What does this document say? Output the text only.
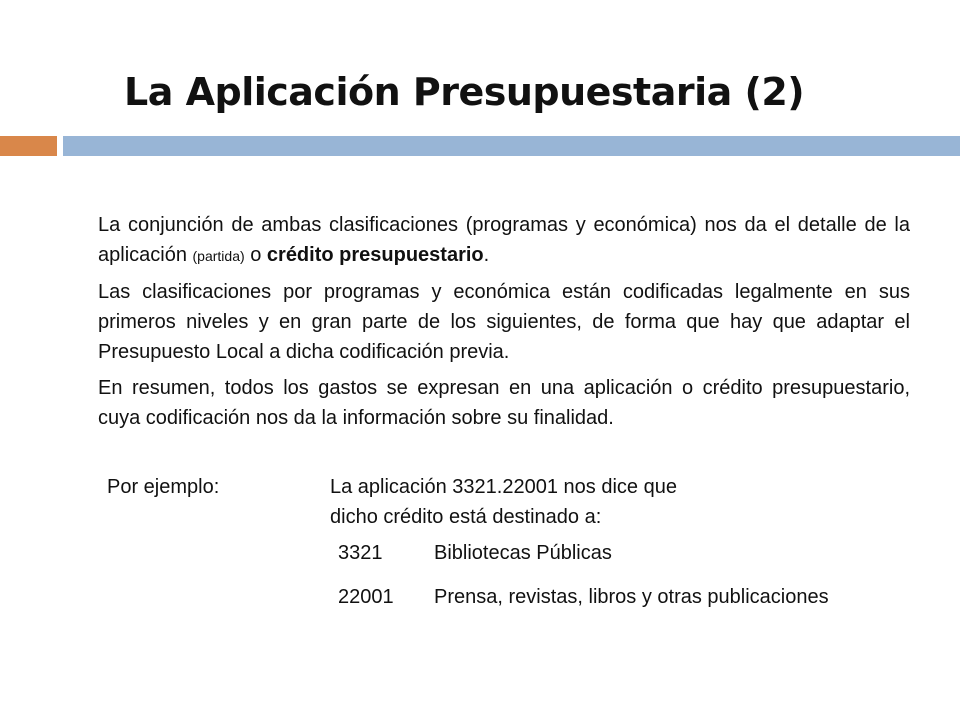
La Aplicación Presupuestaria (2)

La conjunción de ambas clasificaciones (programas y económica) nos da el detalle de la aplicación (partida) o crédito presupuestario.

Las clasificaciones por programas y económica están codificadas legalmente en sus primeros niveles y en gran parte de los siguientes, de forma que hay que adaptar el Presupuesto Local a dicha codificación previa.

En resumen, todos los gastos se expresan en una aplicación o crédito presupuestario, cuya codificación nos da la información sobre su finalidad.

Por ejemplo:	La aplicación 3321.22001 nos dice que
dicho crédito está destinado a:
3321	Bibliotecas Públicas
22001 Prensa, revistas, libros y otras publicaciones
